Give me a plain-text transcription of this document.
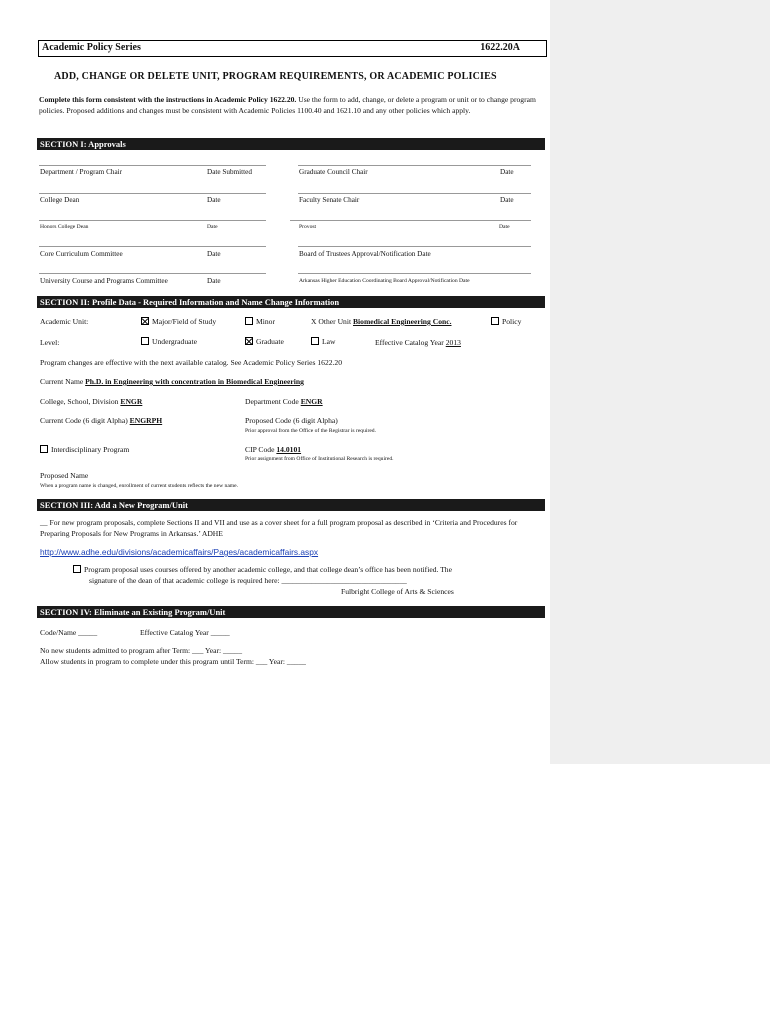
Academic Policy Series	1622.20A
ADD, CHANGE OR DELETE UNIT, PROGRAM REQUIREMENTS, OR ACADEMIC POLICIES
Complete this form consistent with the instructions in Academic Policy 1622.20. Use the form to add, change, or delete a program or unit or to change program policies. Proposed additions and changes must be consistent with Academic Policies 1100.40 and 1621.10 and any other policies which apply.
SECTION I: Approvals
Department / Program Chair	Date Submitted	Graduate Council Chair	Date
College Dean	Date	Faculty Senate Chair	Date
Honors College Dean	Date	Provost	Date
Core Curriculum Committee	Date	Board of Trustees Approval/Notification Date
University Course and Programs Committee	Date	Arkansas Higher Education Coordinating Board Approval/Notification Date
SECTION II: Profile Data - Required Information and Name Change Information
Academic Unit:	Major/Field of Study	Minor	X Other Unit Biomedical Engineering Conc.	Policy
Level:	Undergraduate	Graduate	Law	Effective Catalog Year 2013
Program changes are effective with the next available catalog. See Academic Policy Series 1622.20
Current Name Ph.D. in Engineering with concentration in Biomedical Engineering
College, School, Division ENGR	Department Code ENGR
Current Code (6 digit Alpha) ENGRPH	Proposed Code (6 digit Alpha)
Prior approval from the Office of the Registrar is required.
Interdisciplinary Program	CIP Code 14.0101
Prior assignment from Office of Institutional Research is required.
Proposed Name
When a program name is changed, enrollment of current students reflects the new name.
SECTION III: Add a New Program/Unit
__ For new program proposals, complete Sections II and VII and use as a cover sheet for a full program proposal as described in ‘Criteria and Procedures for Preparing Proposals for New Programs in Arkansas.’ ADHE
http://www.adhe.edu/divisions/academicaffairs/Pages/academicaffairs.aspx
Program proposal uses courses offered by another academic college, and that college dean’s office has been notified. The
signature of the dean of that academic college is required here: _________________________________
Fulbright College of Arts & Sciences
SECTION IV: Eliminate an Existing Program/Unit
Code/Name _____	Effective Catalog Year _____
No new students admitted to program after Term: ___ Year: _____
Allow students in program to complete under this program until Term: ___ Year: _____
